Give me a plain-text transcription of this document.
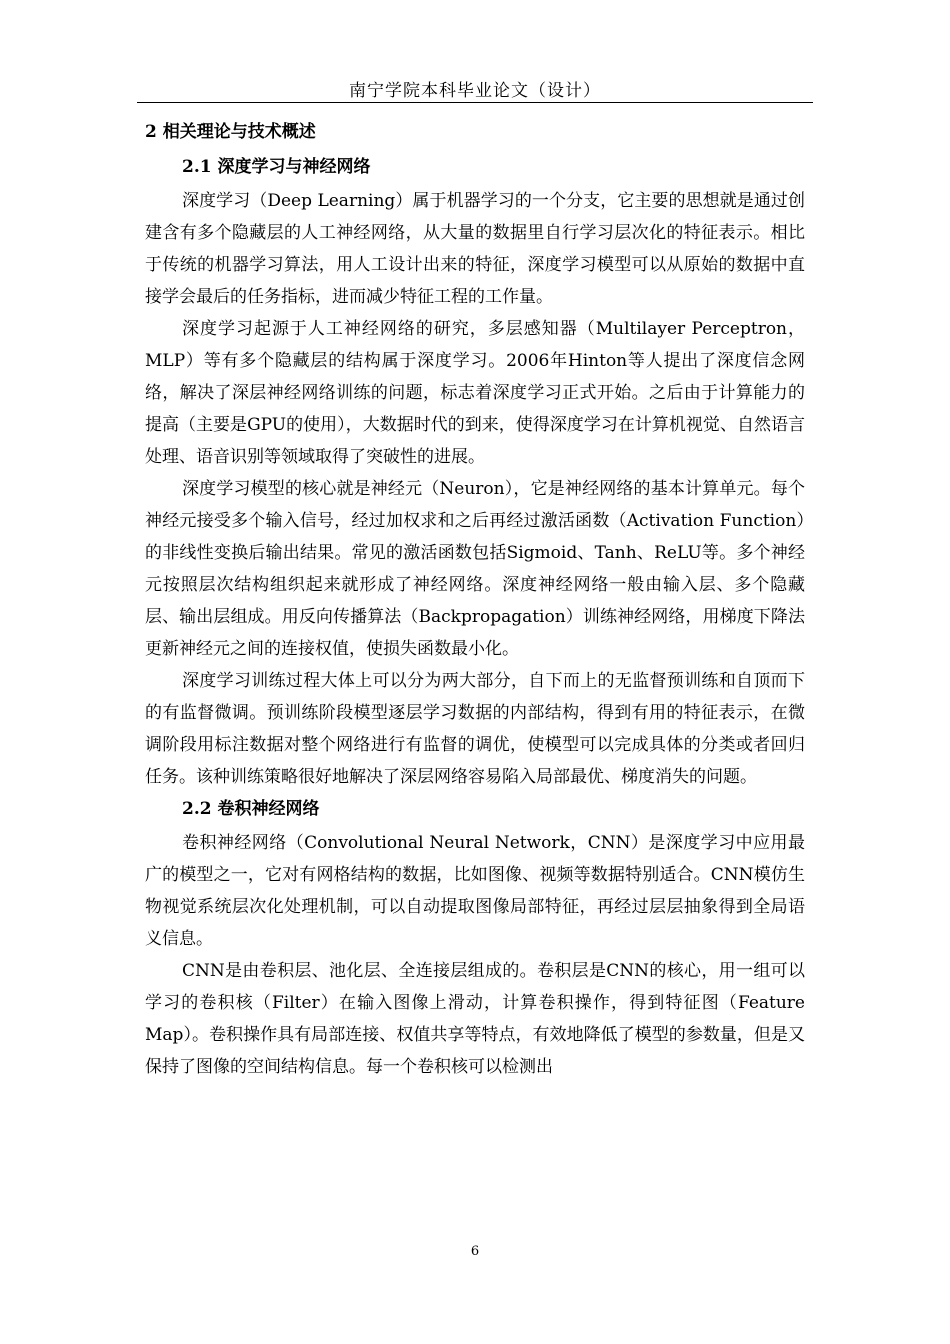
南宁学院本科毕业论文（设计）
2 相关理论与技术概述
2.1 深度学习与神经网络

深度学习（Deep Learning）属于机器学习的一个分支，它主要的思想就是通过创建含有多个隐藏层的人工神经网络，从大量的数据里自行学习层次化的特征表示。相比于传统的机器学习算法，用人工设计出来的特征，深度学习模型可以从原始的数据中直接学会最后的任务指标，进而减少特征工程的工作量。

深度学习起源于人工神经网络的研究，多层感知器（Multilayer Perceptron，MLP）等有多个隐藏层的结构属于深度学习。2006年Hinton等人提出了深度信念网络，解决了深层神经网络训练的问题，标志着深度学习正式开始。之后由于计算能力的提高（主要是GPU的使用），大数据时代的到来，使得深度学习在计算机视觉、自然语言处理、语音识别等领域取得了突破性的进展。

深度学习模型的核心就是神经元（Neuron），它是神经网络的基本计算单元。每个神经元接受多个输入信号，经过加权求和之后再经过激活函数（Activation Function）的非线性变换后输出结果。常见的激活函数包括Sigmoid、Tanh、ReLU等。多个神经元按照层次结构组织起来就形成了神经网络。深度神经网络一般由输入层、多个隐藏层、输出层组成。用反向传播算法（Backpropagation）训练神经网络，用梯度下降法更新神经元之间的连接权值，使损失函数最小化。

深度学习训练过程大体上可以分为两大部分，自下而上的无监督预训练和自顶而下的有监督微调。预训练阶段模型逐层学习数据的内部结构，得到有用的特征表示，在微调阶段用标注数据对整个网络进行有监督的调优，使模型可以完成具体的分类或者回归任务。该种训练策略很好地解决了深层网络容易陷入局部最优、梯度消失的问题。

2.2 卷积神经网络

卷积神经网络（Convolutional Neural Network，CNN）是深度学习中应用最广的模型之一，它对有网格结构的数据，比如图像、视频等数据特别适合。CNN模仿生物视觉系统层次化处理机制，可以自动提取图像局部特征，再经过层层抽象得到全局语义信息。

CNN是由卷积层、池化层、全连接层组成的。卷积层是CNN的核心，用一组可以学习的卷积核（Filter）在输入图像上滑动，计算卷积操作，得到特征图（Feature Map）。卷积操作具有局部连接、权值共享等特点，有效地降低了模型的参数量，但是又保持了图像的空间结构信息。每一个卷积核可以检测出

6
